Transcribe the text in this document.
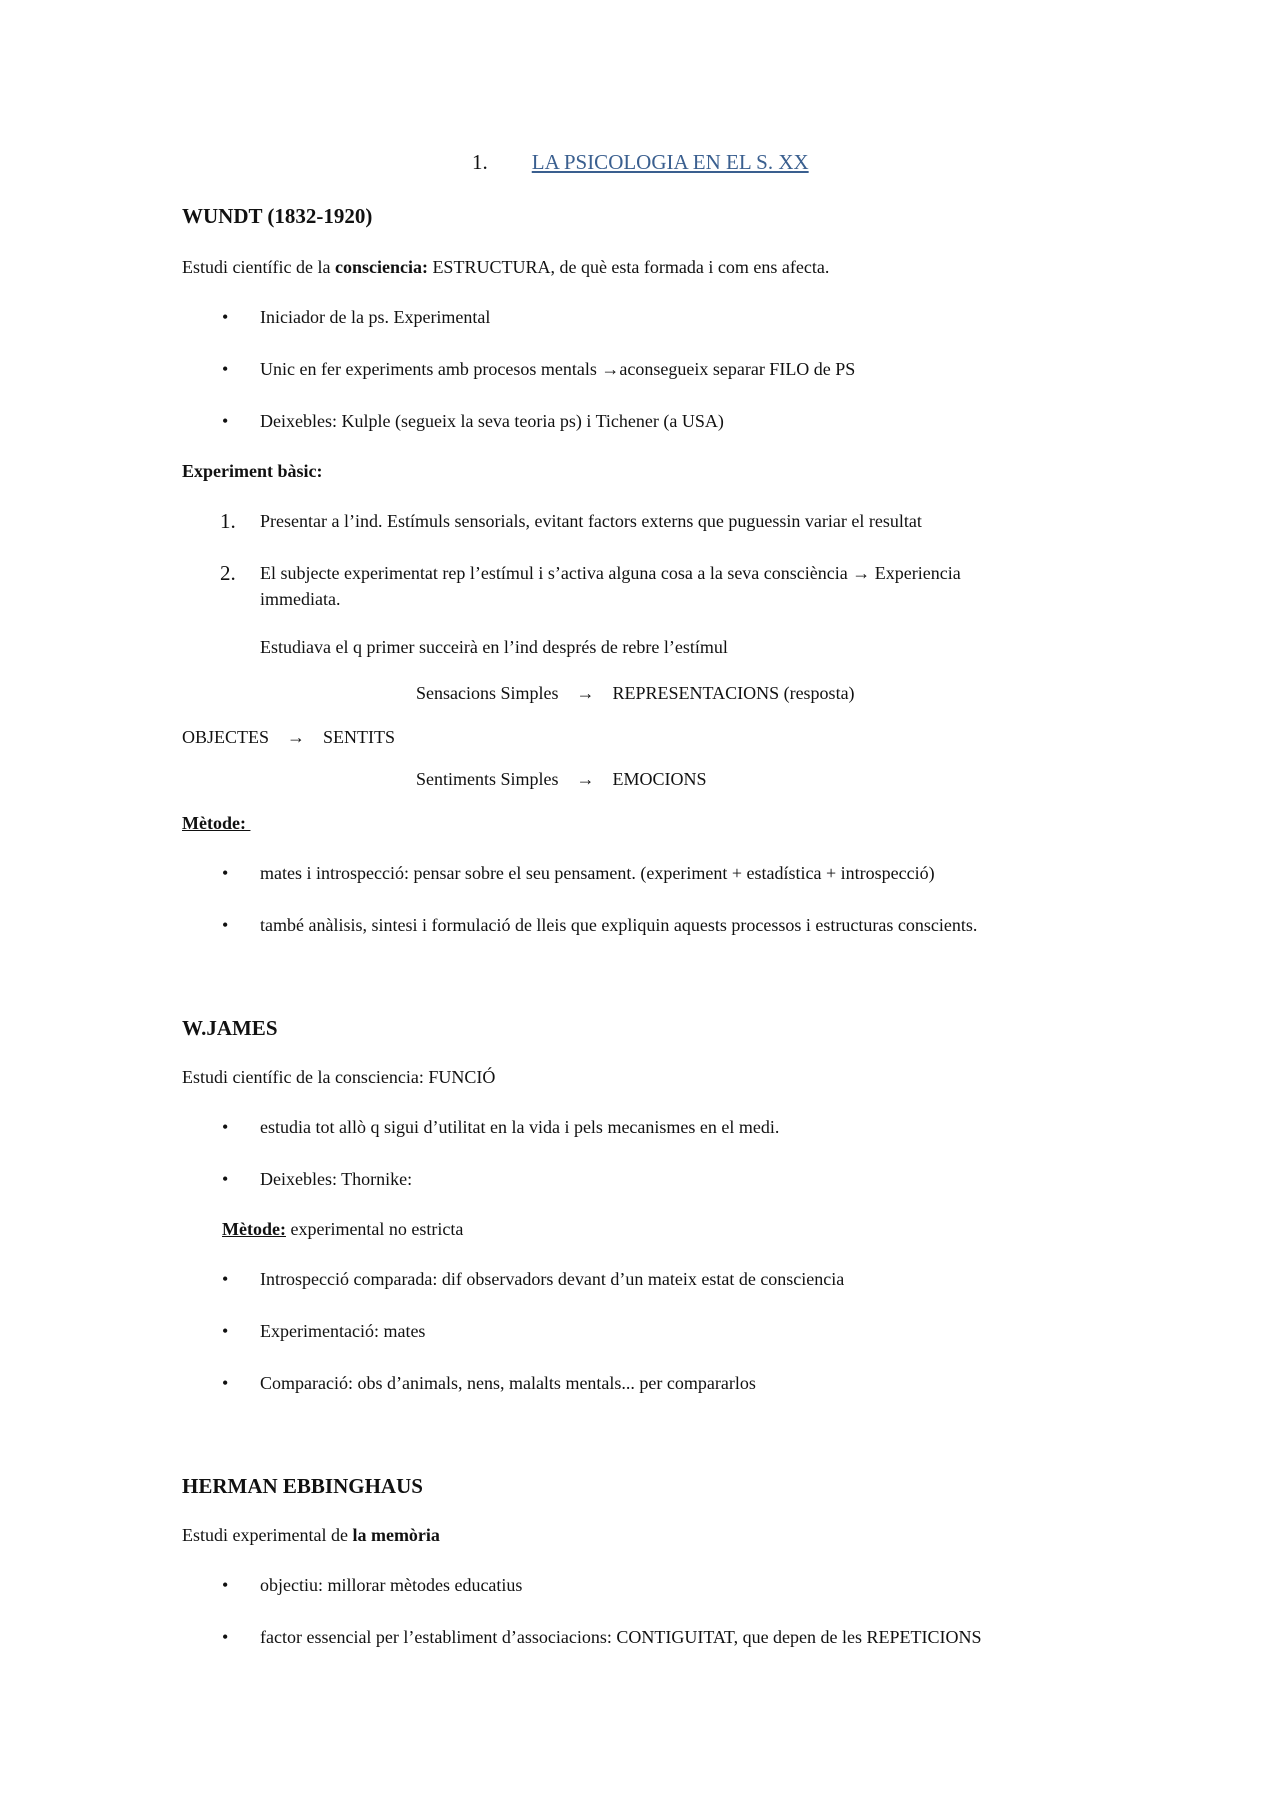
1. LA PSICOLOGIA EN EL S. XX
WUNDT (1832-1920)
Estudi científic de la consciencia: ESTRUCTURA, de què esta formada i com ens afecta.
• Iniciador de la ps. Experimental
• Unic en fer experiments amb procesos mentals →aconsegueix separar FILO de PS
• Deixebles: Kulple (segueix la seva teoria ps) i Tichener (a USA)
Experiment bàsic:
1. Presentar a l’ind. Estímuls sensorials, evitant factors externs que puguessin variar el resultat
2. El subjecte experimentat rep l’estímul i s’activa alguna cosa a la seva consciència → Experiencia
immediata.
Estudiava el q primer succeirà en l’ind després de rebre l’estímul
Sensacions Simples → REPRESENTACIONS (resposta)
OBJECTES → SENTITS
Sentiments Simples → EMOCIONS
Mètode:
• mates i introspecció: pensar sobre el seu pensament. (experiment + estadística + introspecció)
• també anàlisis, sintesi i formulació de lleis que expliquin aquests processos i estructuras conscients.
W.JAMES
Estudi científic de la consciencia: FUNCIÓ
• estudia tot allò q sigui d’utilitat en la vida i pels mecanismes en el medi.
• Deixebles: Thornike:
Mètode: experimental no estricta
• Introspecció comparada: dif observadors devant d’un mateix estat de consciencia
• Experimentació: mates
• Comparació: obs d’animals, nens, malalts mentals... per compararlos
HERMAN EBBINGHAUS
Estudi experimental de la memòria
• objectiu: millorar mètodes educatius
• factor essencial per l’establiment d’associacions: CONTIGUITAT, que depen de les REPETICIONS
